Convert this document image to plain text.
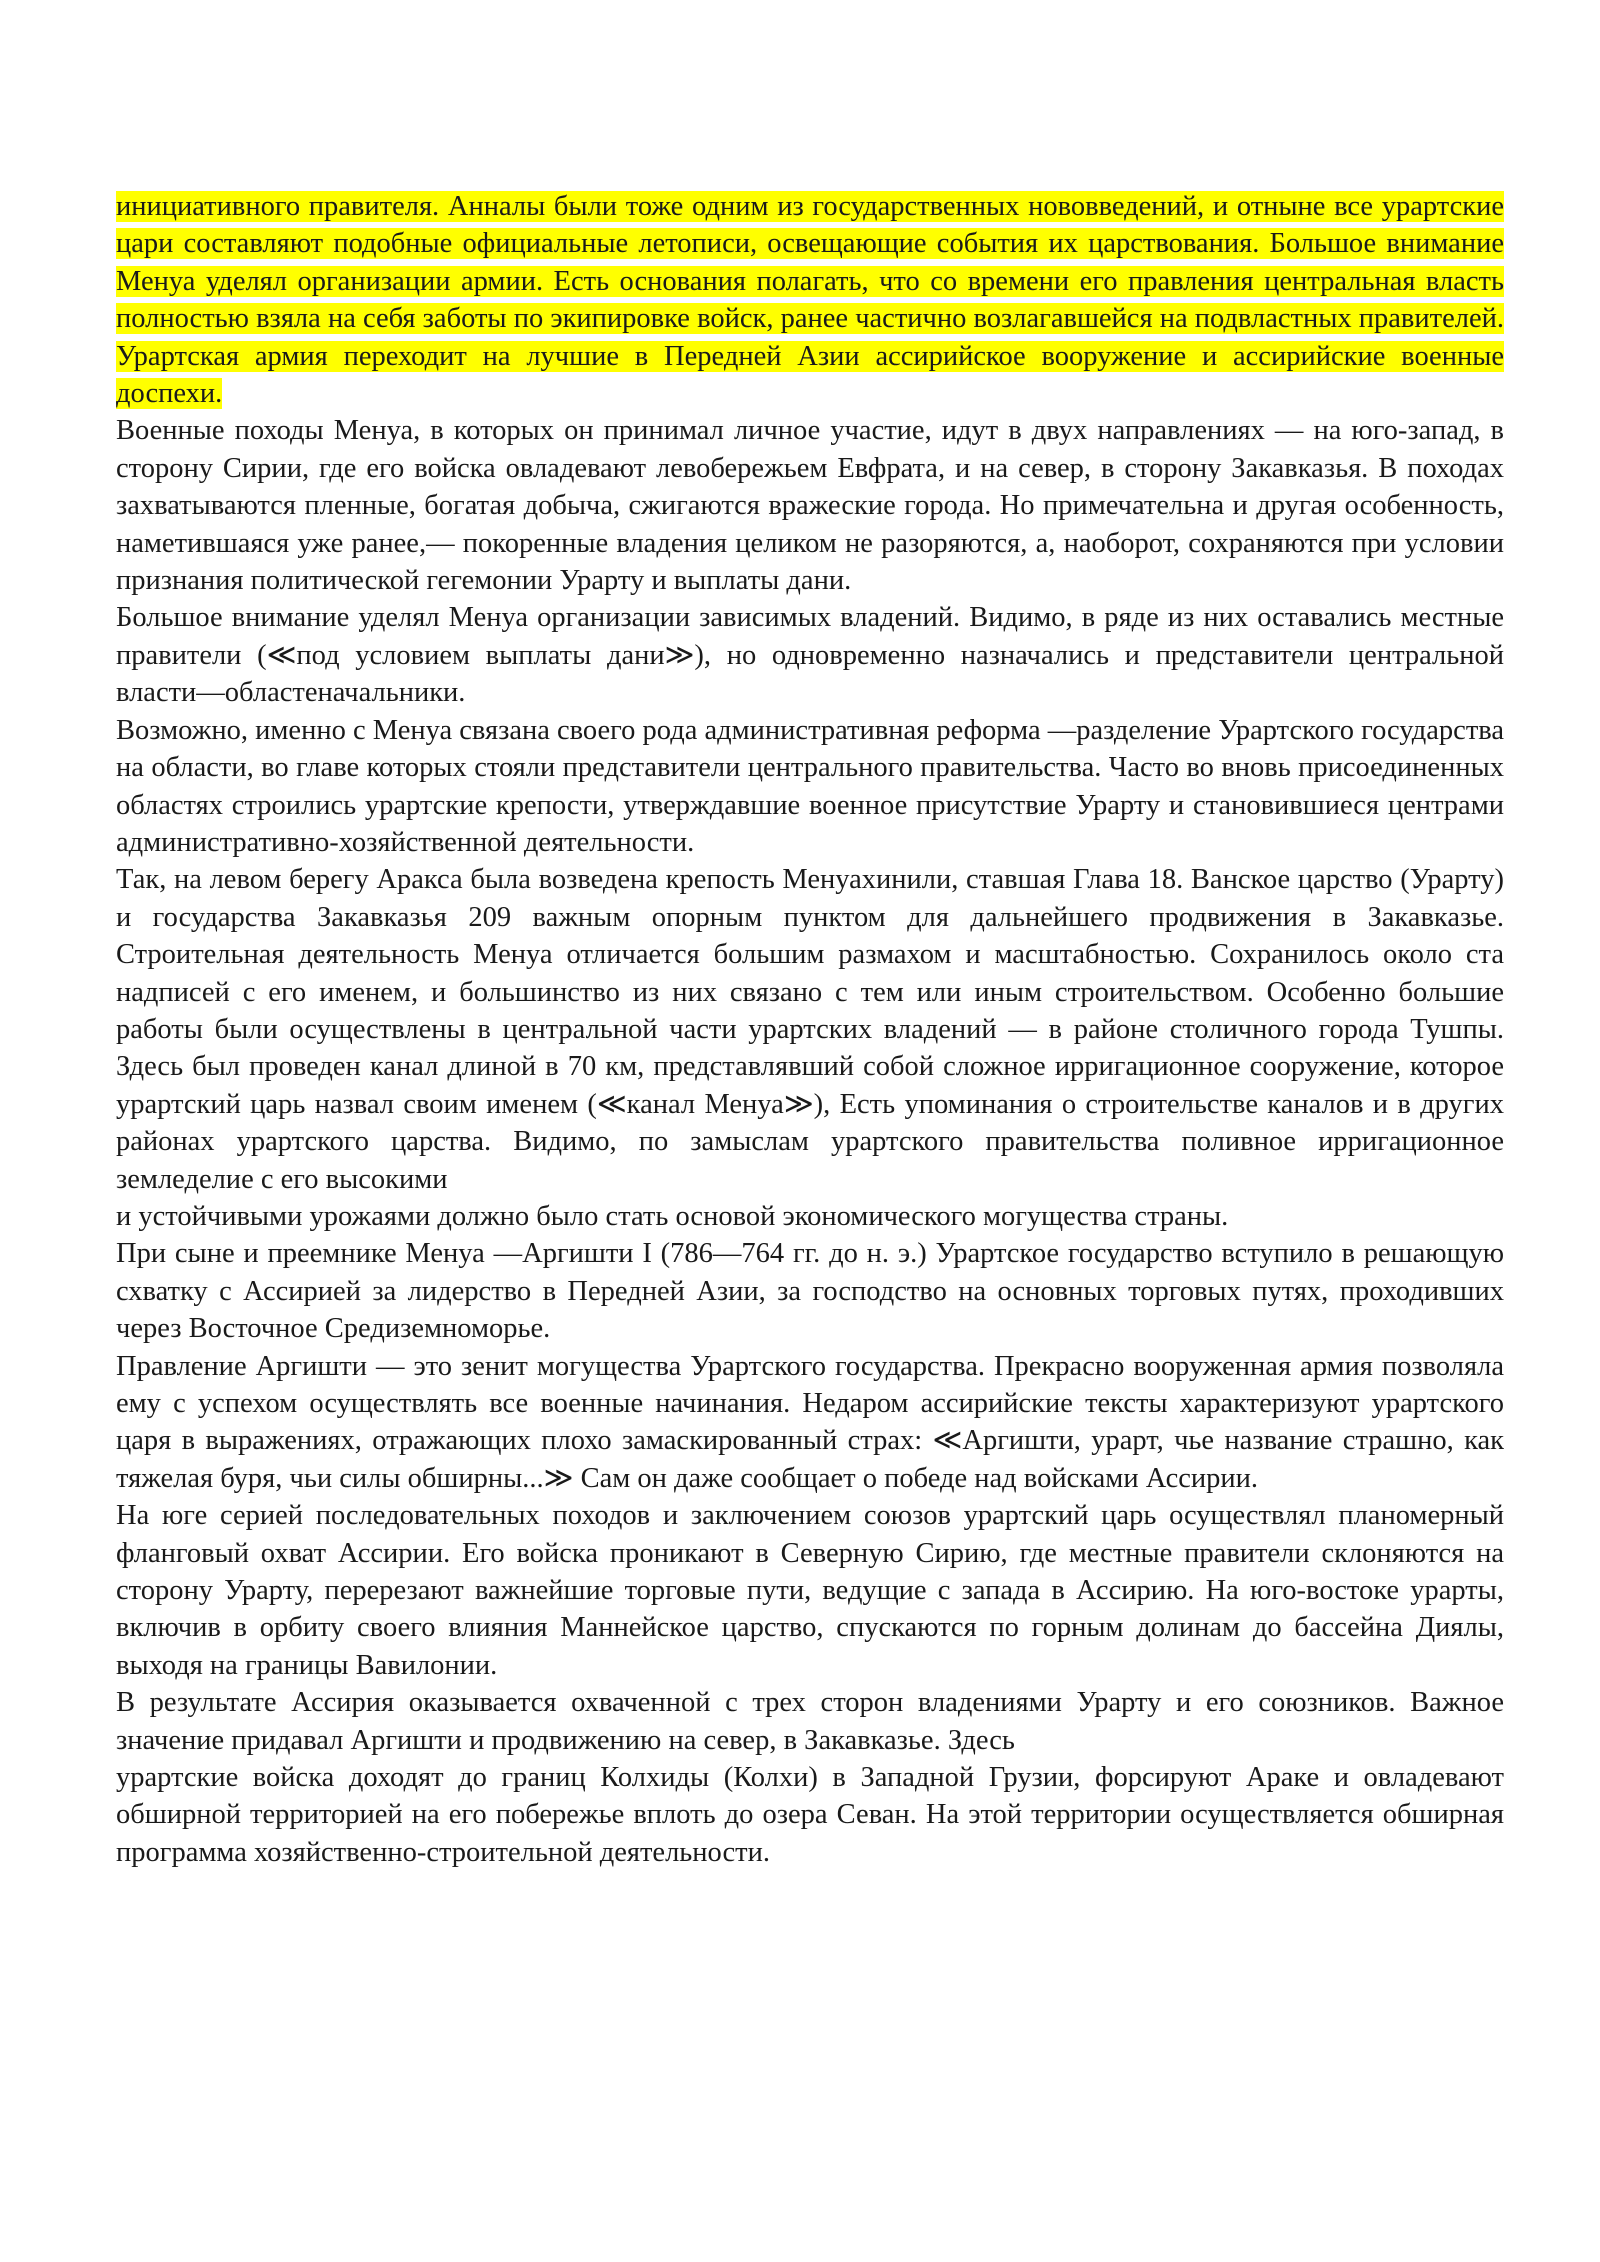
инициативного правителя. Анналы были тоже одним из государственных нововведений, и отныне все урартские цари составляют подобные официальные летописи, освещающие события их царствования. Большое внимание Менуа уделял организации армии. Есть основания полагать, что со времени его правления центральная власть полностью взяла на себя заботы по экипировке войск, ранее частично возлагавшейся на подвластных правителей. Урартская армия переходит на лучшие в Передней Азии ассирийское вооружение и ассирийские военные доспехи.

Военные походы Менуа, в которых он принимал личное участие, идут в двух направлениях — на юго-запад, в сторону Сирии, где его войска овладевают левобережьем Евфрата, и на север, в сторону Закавказья. В походах захватываются пленные, богатая добыча, сжигаются вражеские города. Но примечательна и другая особенность, наметившаяся уже ранее,— покоренные владения целиком не разоряются, а, наоборот, сохраняются при условии признания политической гегемонии Урарту и выплаты дани.

Большое внимание уделял Менуа организации зависимых владений. Видимо, в ряде из них оставались местные правители (≪под условием выплаты дани≫), но одновременно назначались и представители центральной власти—областеначальники.

Возможно, именно с Менуа связана своего рода административная реформа —разделение Урартского государства на области, во главе которых стояли представители центрального правительства. Часто во вновь присоединенных областях строились урартские крепости, утверждавшие военное присутствие Урарту и становившиеся центрами административно-хозяйственной деятельности.

Так, на левом берегу Аракса была возведена крепость Менуахинили, ставшая Глава 18. Ванское царство (Урарту) и государства Закавказья 209 важным опорным пунктом для дальнейшего продвижения в Закавказье. Строительная деятельность Менуа отличается большим размахом и масштабностью. Сохранилось около ста надписей с его именем, и большинство из них связано с тем или иным строительством. Особенно большие работы были осуществлены в центральной части урартских владений — в районе столичного города Тушпы. Здесь был проведен канал длиной в 70 км, представлявший собой сложное ирригационное сооружение, которое урартский царь назвал своим именем (≪канал Менуа≫), Есть упоминания о строительстве каналов и в других районах урартского царства. Видимо, по замыслам урартского правительства поливное ирригационное земледелие с его высокими

и устойчивыми урожаями должно было стать основой экономического могущества страны.

При сыне и преемнике Менуа —Аргишти I (786—764 гг. до н. э.) Урартское государство вступило в решающую схватку с Ассирией за лидерство в Передней Азии, за господство на основных торговых путях, проходивших через Восточное Средиземноморье.

Правление Аргишти — это зенит могущества Урартского государства. Прекрасно вооруженная армия позволяла ему с успехом осуществлять все военные начинания. Недаром ассирийские тексты характеризуют урартского царя в выражениях, отражающих плохо замаскированный страх: ≪Аргишти, урарт, чье название страшно, как тяжелая буря, чьи силы обширны...≫ Сам он даже сообщает о победе над войсками Ассирии.

На юге серией последовательных походов и заключением союзов урартский царь осуществлял планомерный фланговый охват Ассирии. Его войска проникают в Северную Сирию, где местные правители склоняются на сторону Урарту, перерезают важнейшие торговые пути, ведущие с запада в Ассирию. На юго-востоке урарты, включив в орбиту своего влияния Маннейское царство, спускаются по горным долинам до бассейна Диялы, выходя на границы Вавилонии.

В результате Ассирия оказывается охваченной с трех сторон владениями Урарту и его союзников. Важное значение придавал Аргишти и продвижению на север, в Закавказье. Здесь

урартские войска доходят до границ Колхиды (Колхи) в Западной Грузии, форсируют Араке и овладевают обширной территорией на его побережье вплоть до озера Севан. На этой территории осуществляется обширная программа хозяйственно-строительной деятельности.
